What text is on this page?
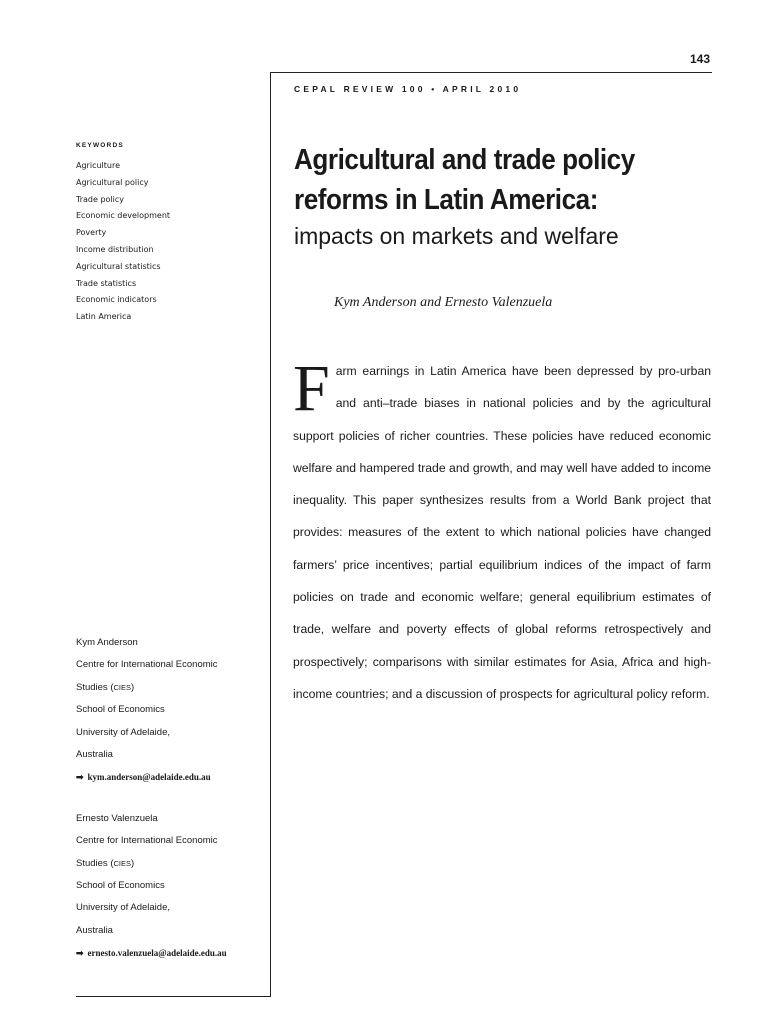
143
CEPAL REVIEW 100 • APRIL 2010
KEYWORDS
Agriculture
Agricultural policy
Trade policy
Economic development
Poverty
Income distribution
Agricultural statistics
Trade statistics
Economic indicators
Latin America
Kym Anderson
Centre for International Economic
Studies (CIES)
School of Economics
University of Adelaide,
Australia
➡ kym.anderson@adelaide.edu.au
Ernesto Valenzuela
Centre for International Economic
Studies (CIES)
School of Economics
University of Adelaide,
Australia
➡ ernesto.valenzuela@adelaide.edu.au
Agricultural and trade policy
reforms in Latin America:
impacts on markets and welfare
Kym Anderson and Ernesto Valenzuela
Farm earnings in Latin America have been depressed by pro-urban and anti–trade biases in national policies and by the agricultural support policies of richer countries. These policies have reduced economic welfare and hampered trade and growth, and may well have added to income inequality. This paper synthesizes results from a World Bank project that provides: measures of the extent to which national policies have changed farmers’ price incentives; partial equilibrium indices of the impact of farm policies on trade and economic welfare; general equilibrium estimates of trade, welfare and poverty effects of global reforms retrospectively and prospectively; comparisons with similar estimates for Asia, Africa and high-income countries; and a discussion of prospects for agricultural policy reform.
